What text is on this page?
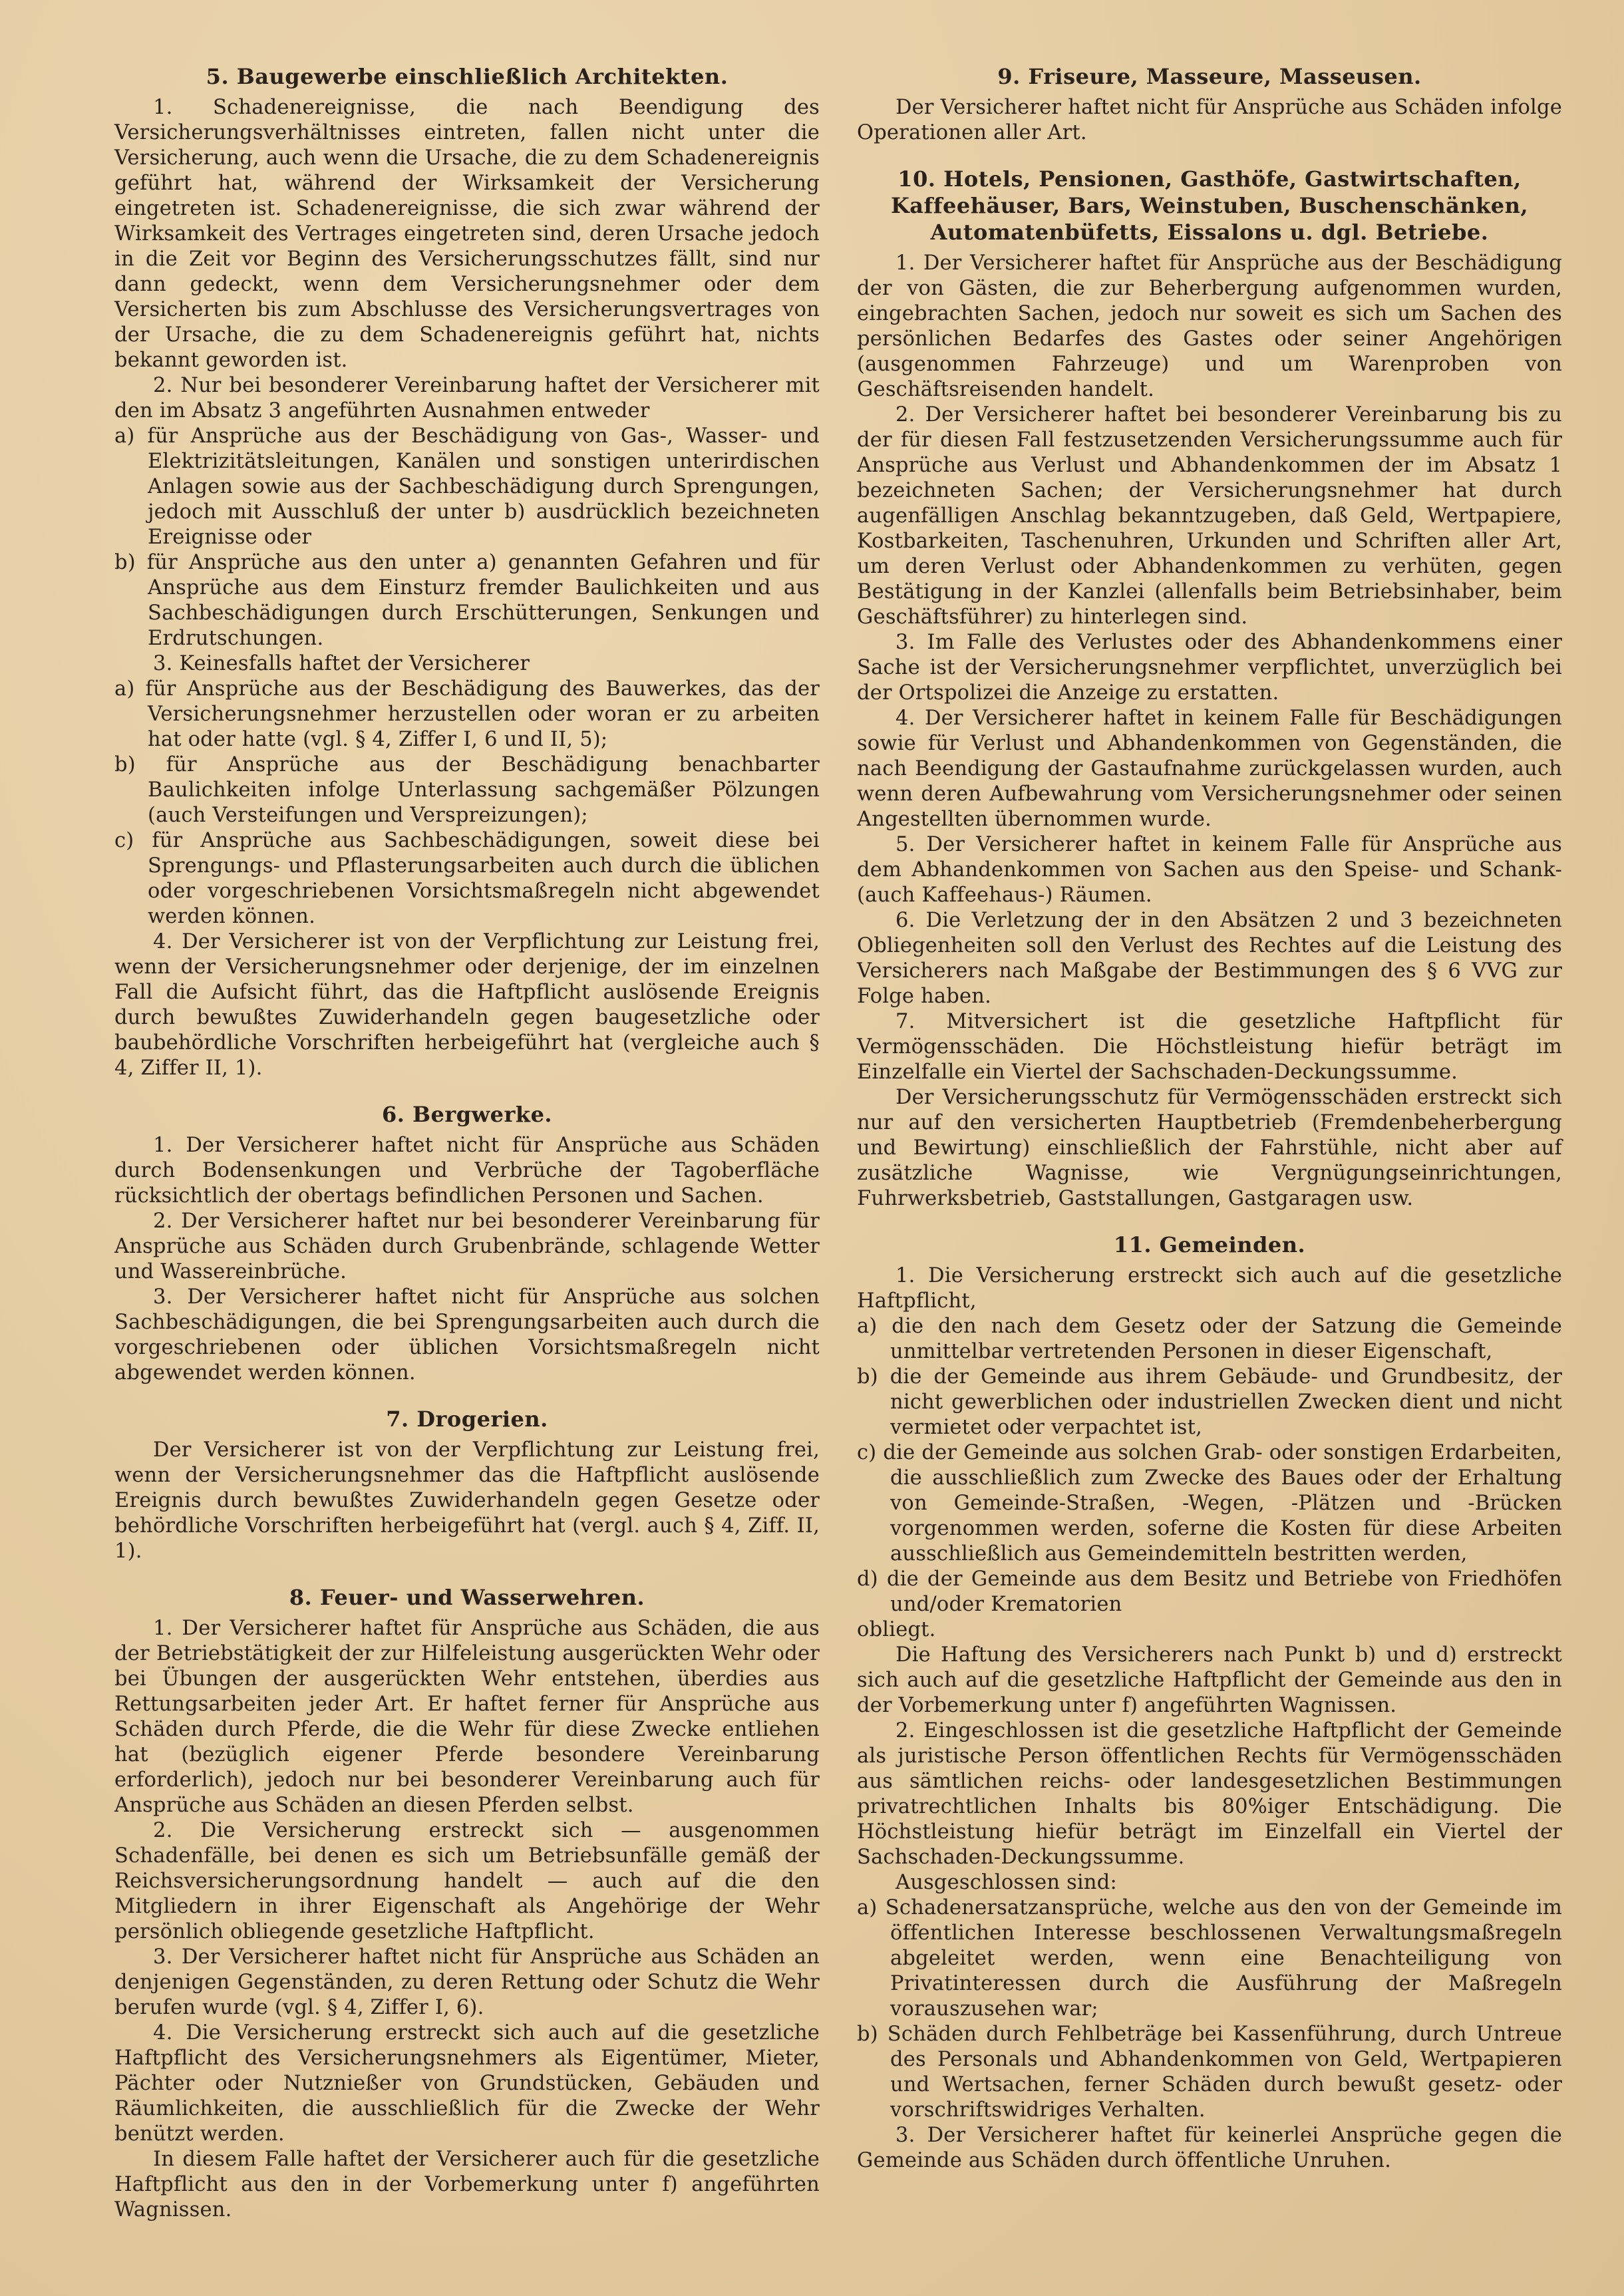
5. Baugewerbe einschließlich Architekten.

1. Schadenereignisse, die nach Beendigung des Versicherungsverhältnisses eintreten, fallen nicht unter die Versicherung, auch wenn die Ursache, die zu dem Schadenereignis geführt hat, während der Wirksamkeit der Versicherung eingetreten ist. Schadenereignisse, die sich zwar während der Wirksamkeit des Vertrages eingetreten sind, deren Ursache jedoch in die Zeit vor Beginn des Versicherungsschutzes fällt, sind nur dann gedeckt, wenn dem Versicherungsnehmer oder dem Versicherten bis zum Abschlusse des Versicherungsvertrages von der Ursache, die zu dem Schadenereignis geführt hat, nichts bekannt geworden ist.

2. Nur bei besonderer Vereinbarung haftet der Versicherer mit den im Absatz 3 angeführten Ausnahmen entweder

a) für Ansprüche aus der Beschädigung von Gas-, Wasser- und Elektrizitätsleitungen, Kanälen und sonstigen unterirdischen Anlagen sowie aus der Sachbeschädigung durch Sprengungen, jedoch mit Ausschluß der unter b) ausdrücklich bezeichneten Ereignisse oder

b) für Ansprüche aus den unter a) genannten Gefahren und für Ansprüche aus dem Einsturz fremder Baulichkeiten und aus Sachbeschädigungen durch Erschütterungen, Senkungen und Erdrutschungen.

3. Keinesfalls haftet der Versicherer

a) für Ansprüche aus der Beschädigung des Bauwerkes, das der Versicherungsnehmer herzustellen oder woran er zu arbeiten hat oder hatte (vgl. § 4, Ziffer I, 6 und II, 5);

b) für Ansprüche aus der Beschädigung benachbarter Baulichkeiten infolge Unterlassung sachgemäßer Pölzungen (auch Versteifungen und Verspreizungen);

c) für Ansprüche aus Sachbeschädigungen, soweit diese bei Sprengungs- und Pflasterungsarbeiten auch durch die üblichen oder vorgeschriebenen Vorsichtsmaßregeln nicht abgewendet werden können.

4. Der Versicherer ist von der Verpflichtung zur Leistung frei, wenn der Versicherungsnehmer oder derjenige, der im einzelnen Fall die Aufsicht führt, das die Haftpflicht auslösende Ereignis durch bewußtes Zuwiderhandeln gegen baugesetzliche oder baubehördliche Vorschriften herbeigeführt hat (vergleiche auch § 4, Ziffer II, 1).

6. Bergwerke.

1. Der Versicherer haftet nicht für Ansprüche aus Schäden durch Bodensenkungen und Verbrüche der Tagoberfläche rücksichtlich der obertags befindlichen Personen und Sachen.

2. Der Versicherer haftet nur bei besonderer Vereinbarung für Ansprüche aus Schäden durch Grubenbrände, schlagende Wetter und Wassereinbrüche.

3. Der Versicherer haftet nicht für Ansprüche aus solchen Sachbeschädigungen, die bei Sprengungsarbeiten auch durch die vorgeschriebenen oder üblichen Vorsichtsmaßregeln nicht abgewendet werden können.

7. Drogerien.

Der Versicherer ist von der Verpflichtung zur Leistung frei, wenn der Versicherungsnehmer das die Haftpflicht auslösende Ereignis durch bewußtes Zuwiderhandeln gegen Gesetze oder behördliche Vorschriften herbeigeführt hat (vergl. auch § 4, Ziff. II, 1).

8. Feuer- und Wasserwehren.

1. Der Versicherer haftet für Ansprüche aus Schäden, die aus der Betriebstätigkeit der zur Hilfeleistung ausgerückten Wehr oder bei Übungen der ausgerückten Wehr entstehen, überdies aus Rettungsarbeiten jeder Art. Er haftet ferner für Ansprüche aus Schäden durch Pferde, die die Wehr für diese Zwecke entliehen hat (bezüglich eigener Pferde besondere Vereinbarung erforderlich), jedoch nur bei besonderer Vereinbarung auch für Ansprüche aus Schäden an diesen Pferden selbst.

2. Die Versicherung erstreckt sich — ausgenommen Schadenfälle, bei denen es sich um Betriebsunfälle gemäß der Reichsversicherungsordnung handelt — auch auf die den Mitgliedern in ihrer Eigenschaft als Angehörige der Wehr persönlich obliegende gesetzliche Haftpflicht.

3. Der Versicherer haftet nicht für Ansprüche aus Schäden an denjenigen Gegenständen, zu deren Rettung oder Schutz die Wehr berufen wurde (vgl. § 4, Ziffer I, 6).

4. Die Versicherung erstreckt sich auch auf die gesetzliche Haftpflicht des Versicherungsnehmers als Eigentümer, Mieter, Pächter oder Nutznießer von Grundstücken, Gebäuden und Räumlichkeiten, die ausschließlich für die Zwecke der Wehr benützt werden.

In diesem Falle haftet der Versicherer auch für die gesetzliche Haftpflicht aus den in der Vorbemerkung unter f) angeführten Wagnissen.

9. Friseure, Masseure, Masseusen.

Der Versicherer haftet nicht für Ansprüche aus Schäden infolge Operationen aller Art.

10. Hotels, Pensionen, Gasthöfe, Gastwirtschaften, Kaffeehäuser, Bars, Weinstuben, Buschenschänken, Automatenbüfetts, Eissalons u. dgl. Betriebe.

1. Der Versicherer haftet für Ansprüche aus der Beschädigung der von Gästen, die zur Beherbergung aufgenommen wurden, eingebrachten Sachen, jedoch nur soweit es sich um Sachen des persönlichen Bedarfes des Gastes oder seiner Angehörigen (ausgenommen Fahrzeuge) und um Warenproben von Geschäftsreisenden handelt.

2. Der Versicherer haftet bei besonderer Vereinbarung bis zu der für diesen Fall festzusetzenden Versicherungssumme auch für Ansprüche aus Verlust und Abhandenkommen der im Absatz 1 bezeichneten Sachen; der Versicherungsnehmer hat durch augenfälligen Anschlag bekanntzugeben, daß Geld, Wertpapiere, Kostbarkeiten, Taschenuhren, Urkunden und Schriften aller Art, um deren Verlust oder Abhandenkommen zu verhüten, gegen Bestätigung in der Kanzlei (allenfalls beim Betriebsinhaber, beim Geschäftsführer) zu hinterlegen sind.

3. Im Falle des Verlustes oder des Abhandenkommens einer Sache ist der Versicherungsnehmer verpflichtet, unverzüglich bei der Ortspolizei die Anzeige zu erstatten.

4. Der Versicherer haftet in keinem Falle für Beschädigungen sowie für Verlust und Abhandenkommen von Gegenständen, die nach Beendigung der Gastaufnahme zurückgelassen wurden, auch wenn deren Aufbewahrung vom Versicherungsnehmer oder seinen Angestellten übernommen wurde.

5. Der Versicherer haftet in keinem Falle für Ansprüche aus dem Abhandenkommen von Sachen aus den Speise- und Schank- (auch Kaffeehaus-) Räumen.

6. Die Verletzung der in den Absätzen 2 und 3 bezeichneten Obliegenheiten soll den Verlust des Rechtes auf die Leistung des Versicherers nach Maßgabe der Bestimmungen des § 6 VVG zur Folge haben.

7. Mitversichert ist die gesetzliche Haftpflicht für Vermögensschäden. Die Höchstleistung hiefür beträgt im Einzelfalle ein Viertel der Sachschaden-Deckungssumme.

Der Versicherungsschutz für Vermögensschäden erstreckt sich nur auf den versicherten Hauptbetrieb (Fremdenbeherbergung und Bewirtung) einschließlich der Fahrstühle, nicht aber auf zusätzliche Wagnisse, wie Vergnügungseinrichtungen, Fuhrwerksbetrieb, Gaststallungen, Gastgaragen usw.

11. Gemeinden.

1. Die Versicherung erstreckt sich auch auf die gesetzliche Haftpflicht,

a) die den nach dem Gesetz oder der Satzung die Gemeinde unmittelbar vertretenden Personen in dieser Eigenschaft,

b) die der Gemeinde aus ihrem Gebäude- und Grundbesitz, der nicht gewerblichen oder industriellen Zwecken dient und nicht vermietet oder verpachtet ist,

c) die der Gemeinde aus solchen Grab- oder sonstigen Erdarbeiten, die ausschließlich zum Zwecke des Baues oder der Erhaltung von Gemeinde-Straßen, -Wegen, -Plätzen und -Brücken vorgenommen werden, soferne die Kosten für diese Arbeiten ausschließlich aus Gemeindemitteln bestritten werden,

d) die der Gemeinde aus dem Besitz und Betriebe von Friedhöfen und/oder Krematorien

obliegt.

Die Haftung des Versicherers nach Punkt b) und d) erstreckt sich auch auf die gesetzliche Haftpflicht der Gemeinde aus den in der Vorbemerkung unter f) angeführten Wagnissen.

2. Eingeschlossen ist die gesetzliche Haftpflicht der Gemeinde als juristische Person öffentlichen Rechts für Vermögensschäden aus sämtlichen reichs- oder landesgesetzlichen Bestimmungen privatrechtlichen Inhalts bis 80%iger Entschädigung. Die Höchstleistung hiefür beträgt im Einzelfall ein Viertel der Sachschaden-Deckungssumme.

Ausgeschlossen sind:

a) Schadenersatzansprüche, welche aus den von der Gemeinde im öffentlichen Interesse beschlossenen Verwaltungsmaßregeln abgeleitet werden, wenn eine Benachteiligung von Privatinteressen durch die Ausführung der Maßregeln vorauszusehen war;

b) Schäden durch Fehlbeträge bei Kassenführung, durch Untreue des Personals und Abhandenkommen von Geld, Wertpapieren und Wertsachen, ferner Schäden durch bewußt gesetz- oder vorschriftswidriges Verhalten.

3. Der Versicherer haftet für keinerlei Ansprüche gegen die Gemeinde aus Schäden durch öffentliche Unruhen.
